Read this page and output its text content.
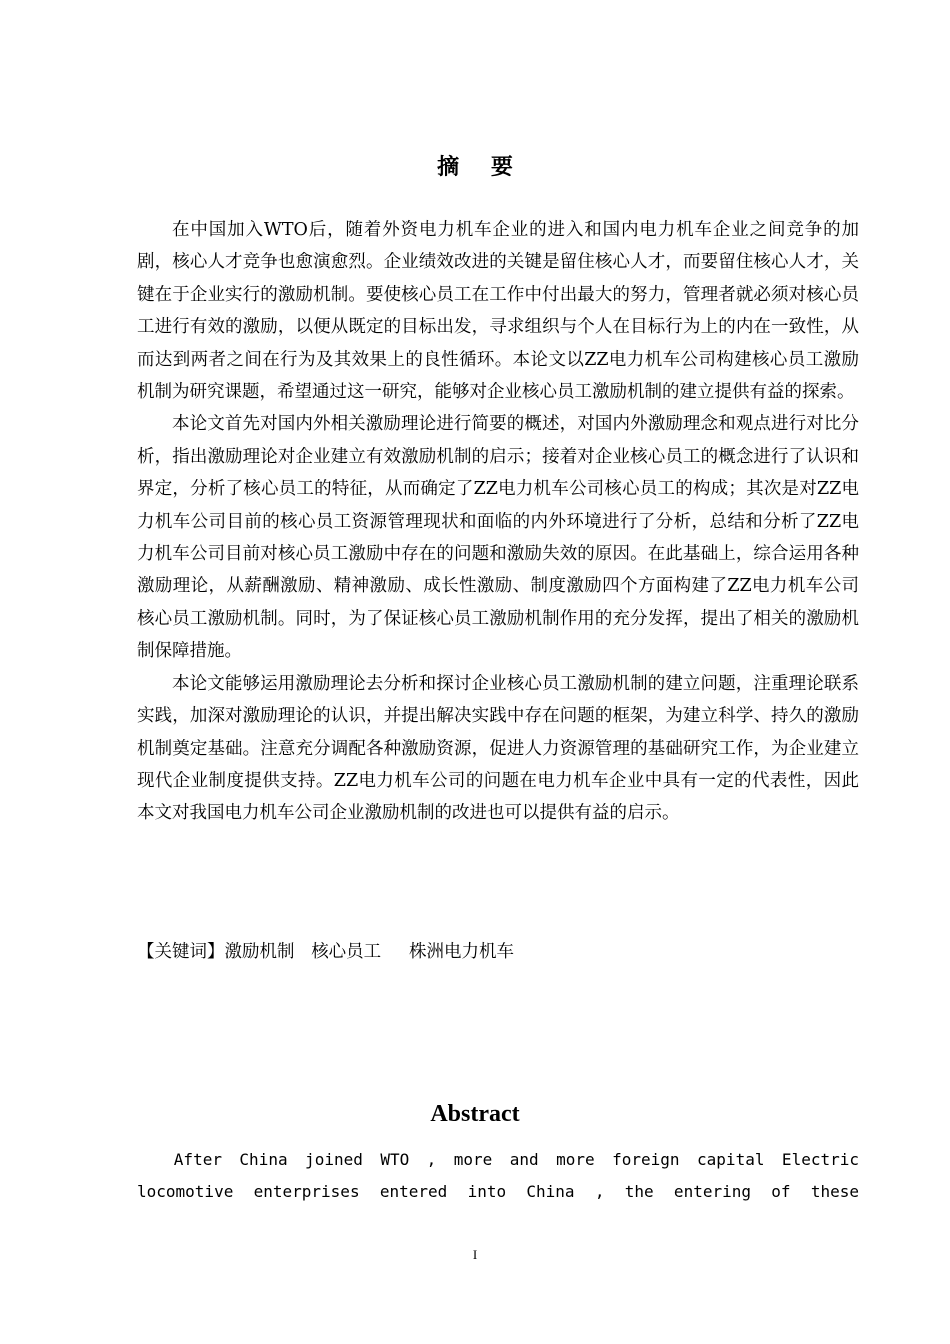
摘 要

在中国加入WTO后，随着外资电力机车企业的进入和国内电力机车企业之间竞争的加剧，核心人才竞争也愈演愈烈。企业绩效改进的关键是留住核心人才，而要留住核心人才，关键在于企业实行的激励机制。要使核心员工在工作中付出最大的努力，管理者就必须对核心员工进行有效的激励，以便从既定的目标出发，寻求组织与个人在目标行为上的内在一致性，从而达到两者之间在行为及其效果上的良性循环。本论文以ZZ电力机车公司构建核心员工激励机制为研究课题，希望通过这一研究，能够对企业核心员工激励机制的建立提供有益的探索。

本论文首先对国内外相关激励理论进行简要的概述，对国内外激励理念和观点进行对比分析，指出激励理论对企业建立有效激励机制的启示；接着对企业核心员工的概念进行了认识和界定，分析了核心员工的特征，从而确定了ZZ电力机车公司核心员工的构成；其次是对ZZ电力机车公司目前的核心员工资源管理现状和面临的内外环境进行了分析，总结和分析了ZZ电力机车公司目前对核心员工激励中存在的问题和激励失效的原因。在此基础上，综合运用各种激励理论，从薪酬激励、精神激励、成长性激励、制度激励四个方面构建了ZZ电力机车公司核心员工激励机制。同时，为了保证核心员工激励机制作用的充分发挥，提出了相关的激励机制保障措施。

本论文能够运用激励理论去分析和探讨企业核心员工激励机制的建立问题，注重理论联系实践，加深对激励理论的认识，并提出解决实践中存在问题的框架，为建立科学、持久的激励机制奠定基础。注意充分调配各种激励资源，促进人力资源管理的基础研究工作，为企业建立现代企业制度提供支持。ZZ电力机车公司的问题在电力机车企业中具有一定的代表性，因此本文对我国电力机车公司企业激励机制的改进也可以提供有益的启示。

【关键词】激励机制   核心员工     株洲电力机车
Abstract

After China joined WTO , more and more foreign capital Electric locomotive enterprises entered into China , the entering of these

I
